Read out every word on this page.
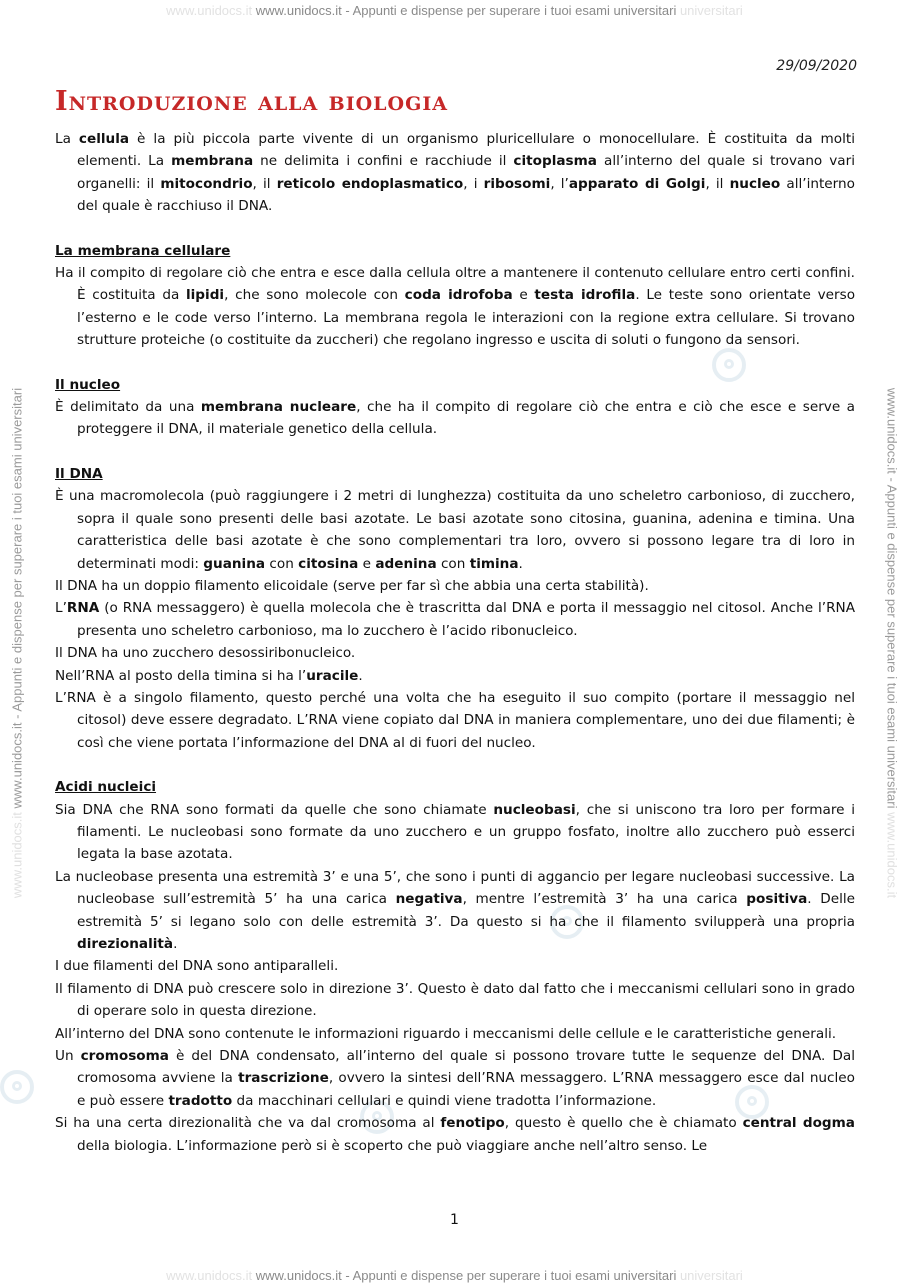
www.unidocs.it www.unidocs.it - Appunti e dispense per superare i tuoi esami universitari universitari
www.unidocs.it www.unidocs.it - Appunti e dispense per superare i tuoi esami universitari	www.unidocs.it - Appunti e dispense per superare i tuoi esami universitari www.unidocs.it
29/09/2020
Introduzione alla biologia

La cellula è la più piccola parte vivente di un organismo pluricellulare o monocellulare. È costituita da molti elementi. La membrana ne delimita i confini e racchiude il citoplasma all’interno del quale si trovano vari organelli: il mitocondrio, il reticolo endoplasmatico, i ribosomi, l’apparato di Golgi, il nucleo all’interno del quale è racchiuso il DNA.

La membrana cellulare

Ha il compito di regolare ciò che entra e esce dalla cellula oltre a mantenere il contenuto cellulare entro certi confini. È costituita da lipidi, che sono molecole con coda idrofoba e testa idrofila. Le teste sono orientate verso l’esterno e le code verso l’interno. La membrana regola le interazioni con la regione extra cellulare. Si trovano strutture proteiche (o costituite da zuccheri) che regolano ingresso e uscita di soluti o fungono da sensori.

Il nucleo

È delimitato da una membrana nucleare, che ha il compito di regolare ciò che entra e ciò che esce e serve a proteggere il DNA, il materiale genetico della cellula.

Il DNA

È una macromolecola (può raggiungere i 2 metri di lunghezza) costituita da uno scheletro carbonioso, di zucchero, sopra il quale sono presenti delle basi azotate. Le basi azotate sono citosina, guanina, adenina e timina. Una caratteristica delle basi azotate è che sono complementari tra loro, ovvero si possono legare tra di loro in determinati modi: guanina con citosina e adenina con timina.

Il DNA ha un doppio filamento elicoidale (serve per far sì che abbia una certa stabilità).

L’RNA (o RNA messaggero) è quella molecola che è trascritta dal DNA e porta il messaggio nel citosol. Anche l’RNA presenta uno scheletro carbonioso, ma lo zucchero è l’acido ribonucleico.

Il DNA ha uno zucchero desossiribonucleico.

Nell’RNA al posto della timina si ha l’uracile.

L’RNA è a singolo filamento, questo perché una volta che ha eseguito il suo compito (portare il messaggio nel citosol) deve essere degradato. L’RNA viene copiato dal DNA in maniera complementare, uno dei due filamenti; è così che viene portata l’informazione del DNA al di fuori del nucleo.

Acidi nucleici

Sia DNA che RNA sono formati da quelle che sono chiamate nucleobasi, che si uniscono tra loro per formare i filamenti. Le nucleobasi sono formate da uno zucchero e un gruppo fosfato, inoltre allo zucchero può esserci legata la base azotata.

La nucleobase presenta una estremità 3’ e una 5’, che sono i punti di aggancio per legare nucleobasi successive. La nucleobase sull’estremità 5’ ha una carica negativa, mentre l’estremità 3’ ha una carica positiva. Delle estremità 5’ si legano solo con delle estremità 3’. Da questo si ha che il filamento svilupperà una propria direzionalità.

I due filamenti del DNA sono antiparalleli.

Il filamento di DNA può crescere solo in direzione 3’. Questo è dato dal fatto che i meccanismi cellulari sono in grado di operare solo in questa direzione.

All’interno del DNA sono contenute le informazioni riguardo i meccanismi delle cellule e le caratteristiche generali.

Un cromosoma è del DNA condensato, all’interno del quale si possono trovare tutte le sequenze del DNA. Dal cromosoma avviene la trascrizione, ovvero la sintesi dell’RNA messaggero. L’RNA messaggero esce dal nucleo e può essere tradotto da macchinari cellulari e quindi viene tradotta l’informazione.

Si ha una certa direzionalità che va dal cromosoma al fenotipo, questo è quello che è chiamato central dogma della biologia. L’informazione però si è scoperto che può viaggiare anche nell’altro senso. Le

1
www.unidocs.it www.unidocs.it - Appunti e dispense per superare i tuoi esami universitari universitari
